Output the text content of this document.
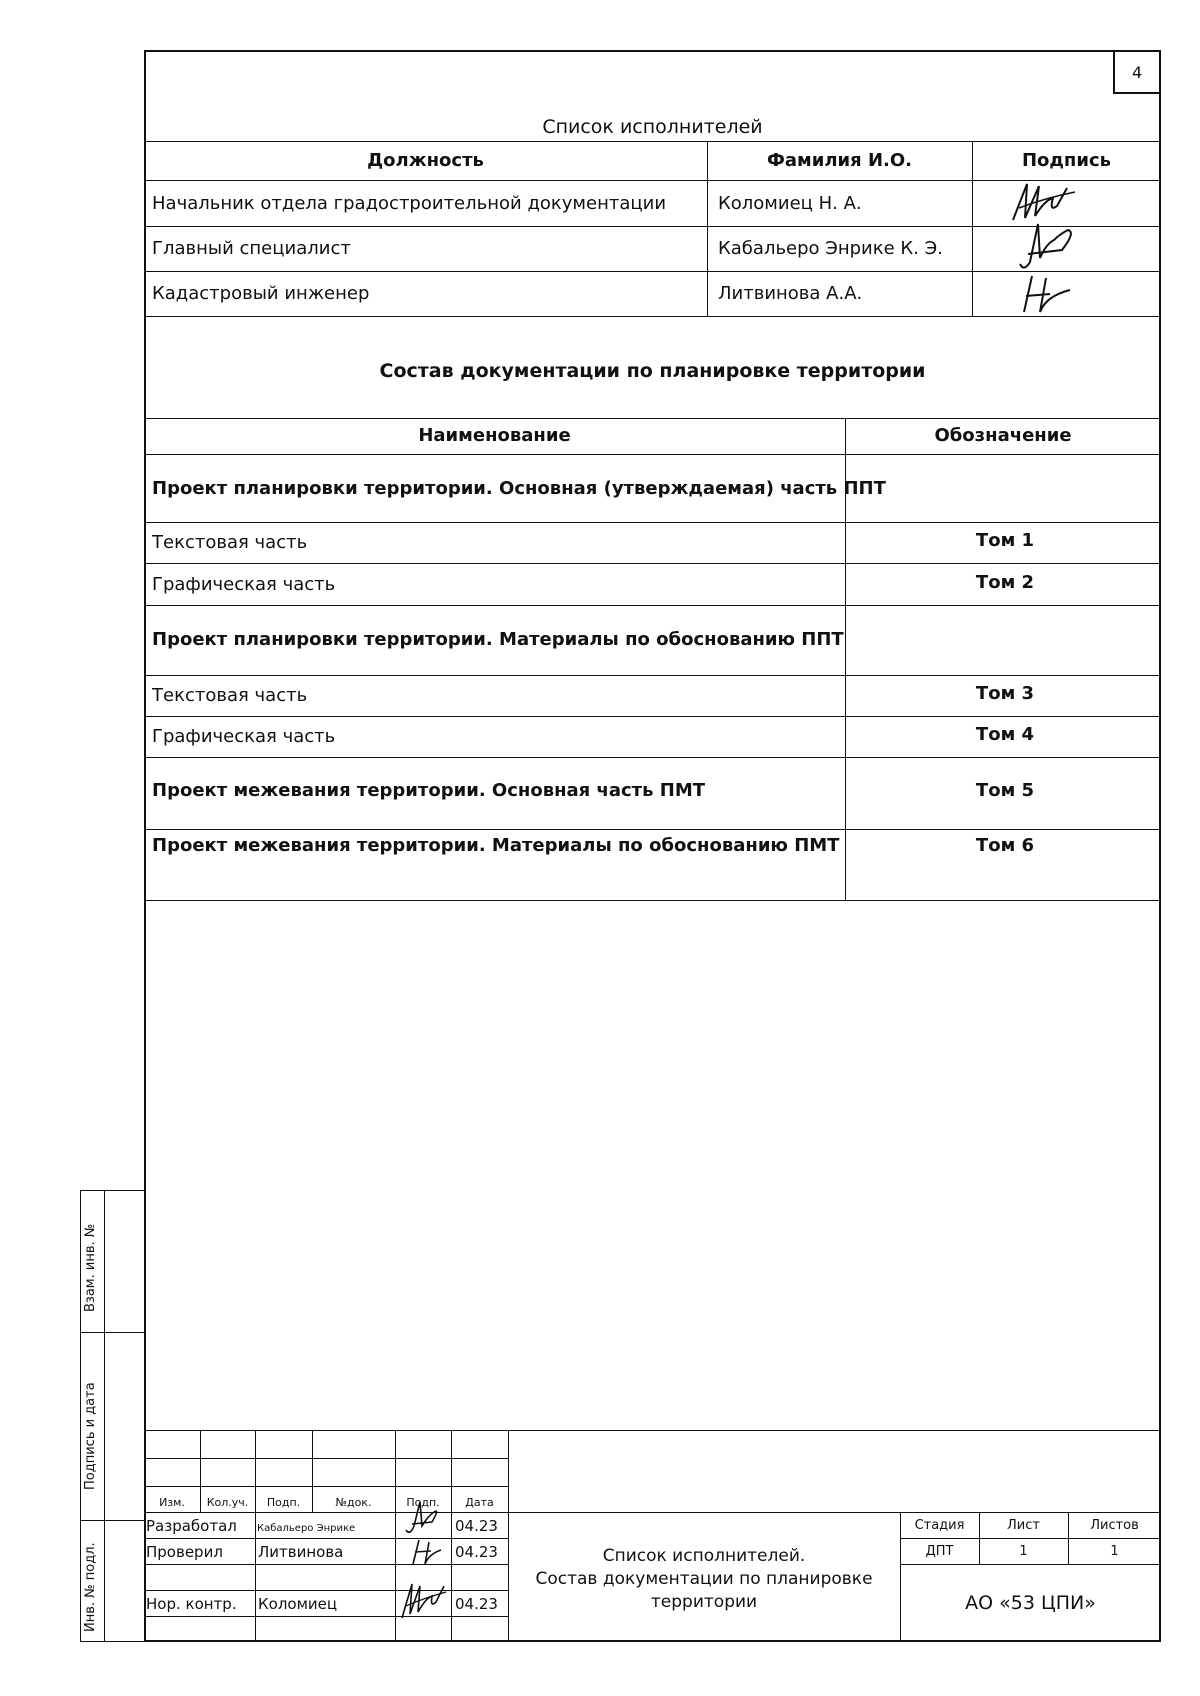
4
Список исполнителей
Должность	Фамилия И.О.	Подпись
Начальник отдела градостроительной документации	Коломиец Н. А.
Главный специалист	Кабальеро Энрике К. Э.
Кадастровый инженер	Литвинова А.А.
Состав документации по планировке территории
Наименование	Обозначение
Проект планировки территории. Основная (утверждаемая) часть ППТ
Текстовая часть	Том 1
Графическая часть	Том 2
Проект планировки территории. Материалы по обоснованию ППТ
Текстовая часть	Том 3
Графическая часть	Том 4
Проект межевания территории. Основная часть ПМТ	Том 5
Проект межевания территории. Материалы по обоснованию ПМТ	Том 6
Взам. инв. №
Подпись и дата
Инв. № подл.
Изм.	Кол.уч.	Подп.	№док.	Подп.	Дата
Разработал Кабальеро Энрике	04.23
Проверил Литвинова	04.23
Нор. контр. Коломиец	04.23
Список исполнителей.
Состав документации по планировке
территории
Стадия	Лист	Листов
ДПТ	1	1
АО «53 ЦПИ»
